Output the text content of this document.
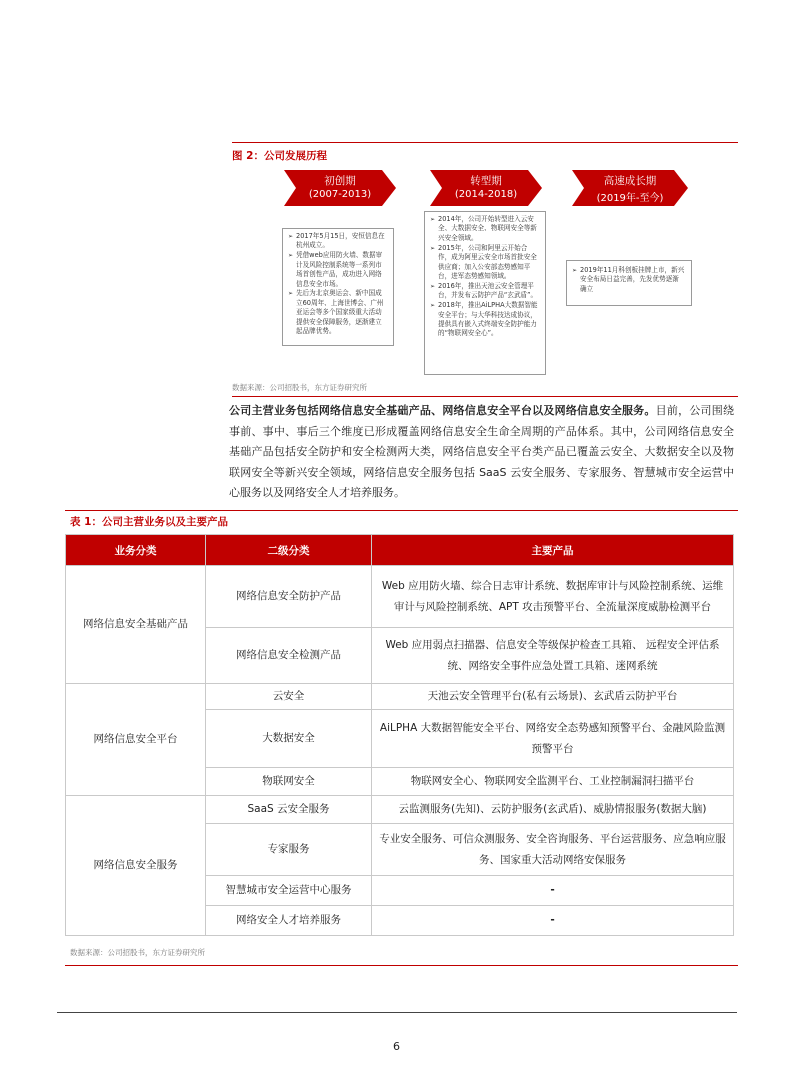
图 2：公司发展历程
初创期
(2007-2013)
转型期
(2014-2018)
高速成长期
(2019年-至今)
➢ 2017年5月15日，安恒信息在杭州成立。
➢ 凭借web应用防火墙、数据审计及风险控制系统等一系列市场首创性产品，成功进入网络信息安全市场。
➢ 先后为北京奥运会、新中国成立60周年、上海世博会、广州亚运会等多个国家级重大活动提供安全保障服务，逐渐建立起品牌优势。
➢ 2014年，公司开始转型进入云安全、大数据安全、物联网安全等新兴安全领域。
➢ 2015年，公司和阿里云开始合作，成为阿里云安全市场首批安全供应商；加入公安部态势感知平台，进军态势感知领域。
➢ 2016年，推出天池云安全管理平台，并发布云防护产品“玄武盾”。
➢ 2018年，推出AiLPHA大数据智能安全平台；与大华科技达成协议，提供具有嵌入式终端安全防护能力的“物联网安全心”。
➢ 2019年11月科创板挂牌上市，新兴安全布局日益完善，先发优势逐渐确立
数据来源：公司招股书，东方证券研究所
公司主营业务包括网络信息安全基础产品、网络信息安全平台以及网络信息安全服务。目前，公司围绕事前、事中、事后三个维度已形成覆盖网络信息安全生命全周期的产品体系。其中，公司网络信息安全基础产品包括安全防护和安全检测两大类，网络信息安全平台类产品已覆盖云安全、大数据安全以及物联网安全等新兴安全领域，网络信息安全服务包括 SaaS 云安全服务、专家服务、智慧城市安全运营中心服务以及网络安全人才培养服务。
表 1：公司主营业务以及主要产品
业务分类	二级分类	主要产品
网络信息安全基础产品	网络信息安全防护产品	Web 应用防火墙、综合日志审计系统、数据库审计与风险控制系统、运维审计与风险控制系统、APT 攻击预警平台、全流量深度威胁检测平台
	网络信息安全检测产品	Web 应用弱点扫描器、信息安全等级保护检查工具箱、 远程安全评估系统、网络安全事件应急处置工具箱、迷网系统
网络信息安全平台	云安全	天池云安全管理平台(私有云场景)、玄武盾云防护平台
	大数据安全	AiLPHA 大数据智能安全平台、网络安全态势感知预警平台、金融风险监测预警平台
	物联网安全	物联网安全心、物联网安全监测平台、工业控制漏洞扫描平台
网络信息安全服务	SaaS 云安全服务	云监测服务(先知)、云防护服务(玄武盾)、威胁情报服务(数据大脑)
	专家服务	专业安全服务、可信众测服务、安全咨询服务、平台运营服务、应急响应服务、国家重大活动网络安保服务
	智慧城市安全运营中心服务	-
	网络安全人才培养服务	-
数据来源：公司招股书，东方证券研究所
6
